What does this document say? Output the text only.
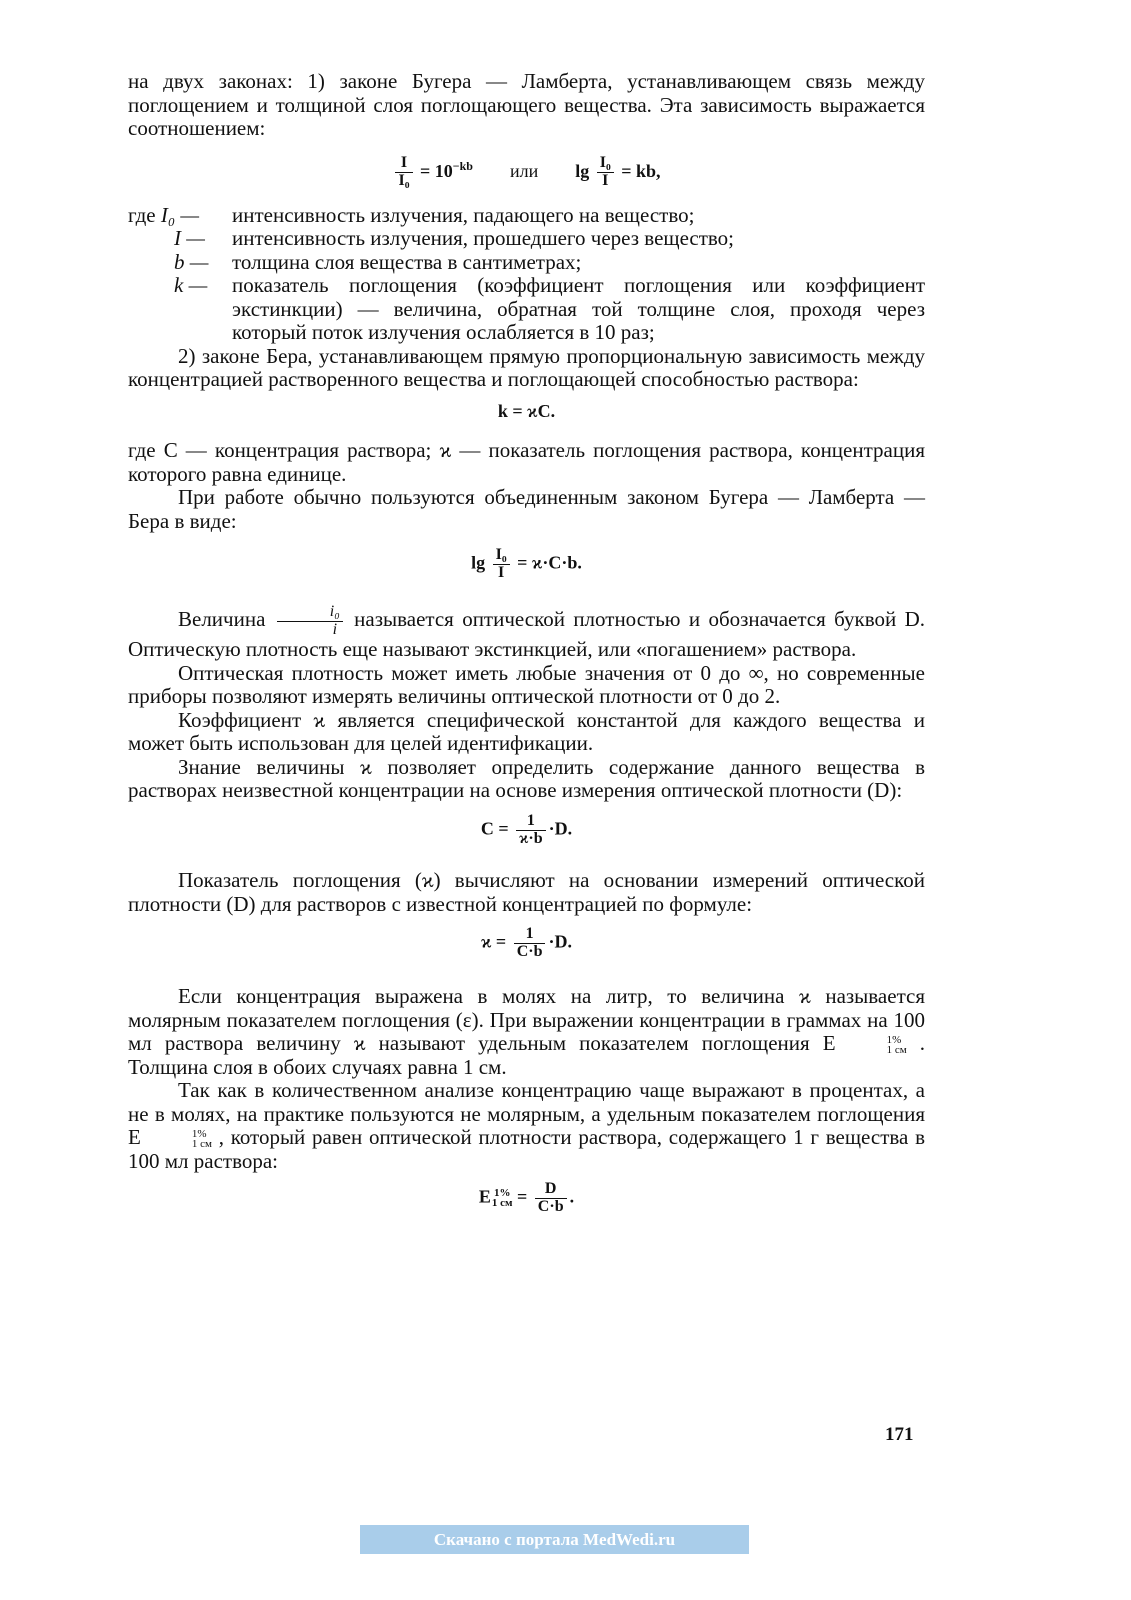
на двух законах: 1) законе Бугера — Ламберта, устанавливающем связь между поглощением и толщиной слоя поглощающего вещества. Эта зависимость выражается соотношением:

$\frac{I}{\text{I₀}} = 10^{-kb}$ или $\lg \frac{\text{I₀}}{I}$ = kb,

где I₀ —	интенсивность излучения, падающего на вещество;
I —	интенсивность излучения, прошедшего через вещество;
b —	толщина слоя вещества в сантиметрах;
k —	показатель поглощения (коэффициент поглощения или коэффициент экстинкции) — величина, обратная той толщине слоя, проходя через который поток излучения ослабляется в 10 раз;

2) законе Бера, устанавливающем прямую пропорциональную зависимость между концентрацией растворенного вещества и поглощающей способностью раствора:

k = ϰC.

где C — концентрация раствора; ϰ — показатель поглощения раствора, концентрация которого равна единице.

При работе обычно пользуются объединенным законом Бугера — Ламберта — Бера в виде:

$\lg \frac{\text{I₀}}{I} = ϰ\cdot C\cdot b$.

Величина $\frac{\text{i₀}}{i}$ называется оптической плотностью и обозначается буквой D. Оптическую плотность еще называют экстинкцией, или «погашением» раствора.

Оптическая плотность может иметь любые значения от 0 до ∞, но современные приборы позволяют измерять величины оптической плотности от 0 до 2.

Коэффициент ϰ является специфической константой для каждого вещества и может быть использован для целей идентификации.

Знание величины ϰ позволяет определить содержание данного вещества в растворах неизвестной концентрации на основе измерения оптической плотности (D):

$C = \frac{1}{ϰ\cdot b} \cdot D$.

Показатель поглощения (ϰ) вычисляют на основании измерений оптической плотности (D) для растворов с известной концентрацией по формуле:

$ϰ = \frac{1}{C\cdot b} \cdot D$.

Если концентрация выражена в молях на литр, то величина ϰ называется молярным показателем поглощения (ε). При выражении концентрации в граммах на 100 мл раствора величину ϰ называют удельным показателем поглощения E	1%
1 см . Толщина слоя в обоих случаях равна 1 см.

Так как в количественном анализе концентрацию чаще выражают в процентах, а не в молях, на практике пользуются не молярным, а удельным показателем поглощения E	1%
1 см , который равен оптической плотности раствора, содержащего 1 г вещества в 100 мл раствора:

E 1%
1 см = $\frac{D}{C\cdot b}$ .

171
Скачано с портала MedWedi.ru
